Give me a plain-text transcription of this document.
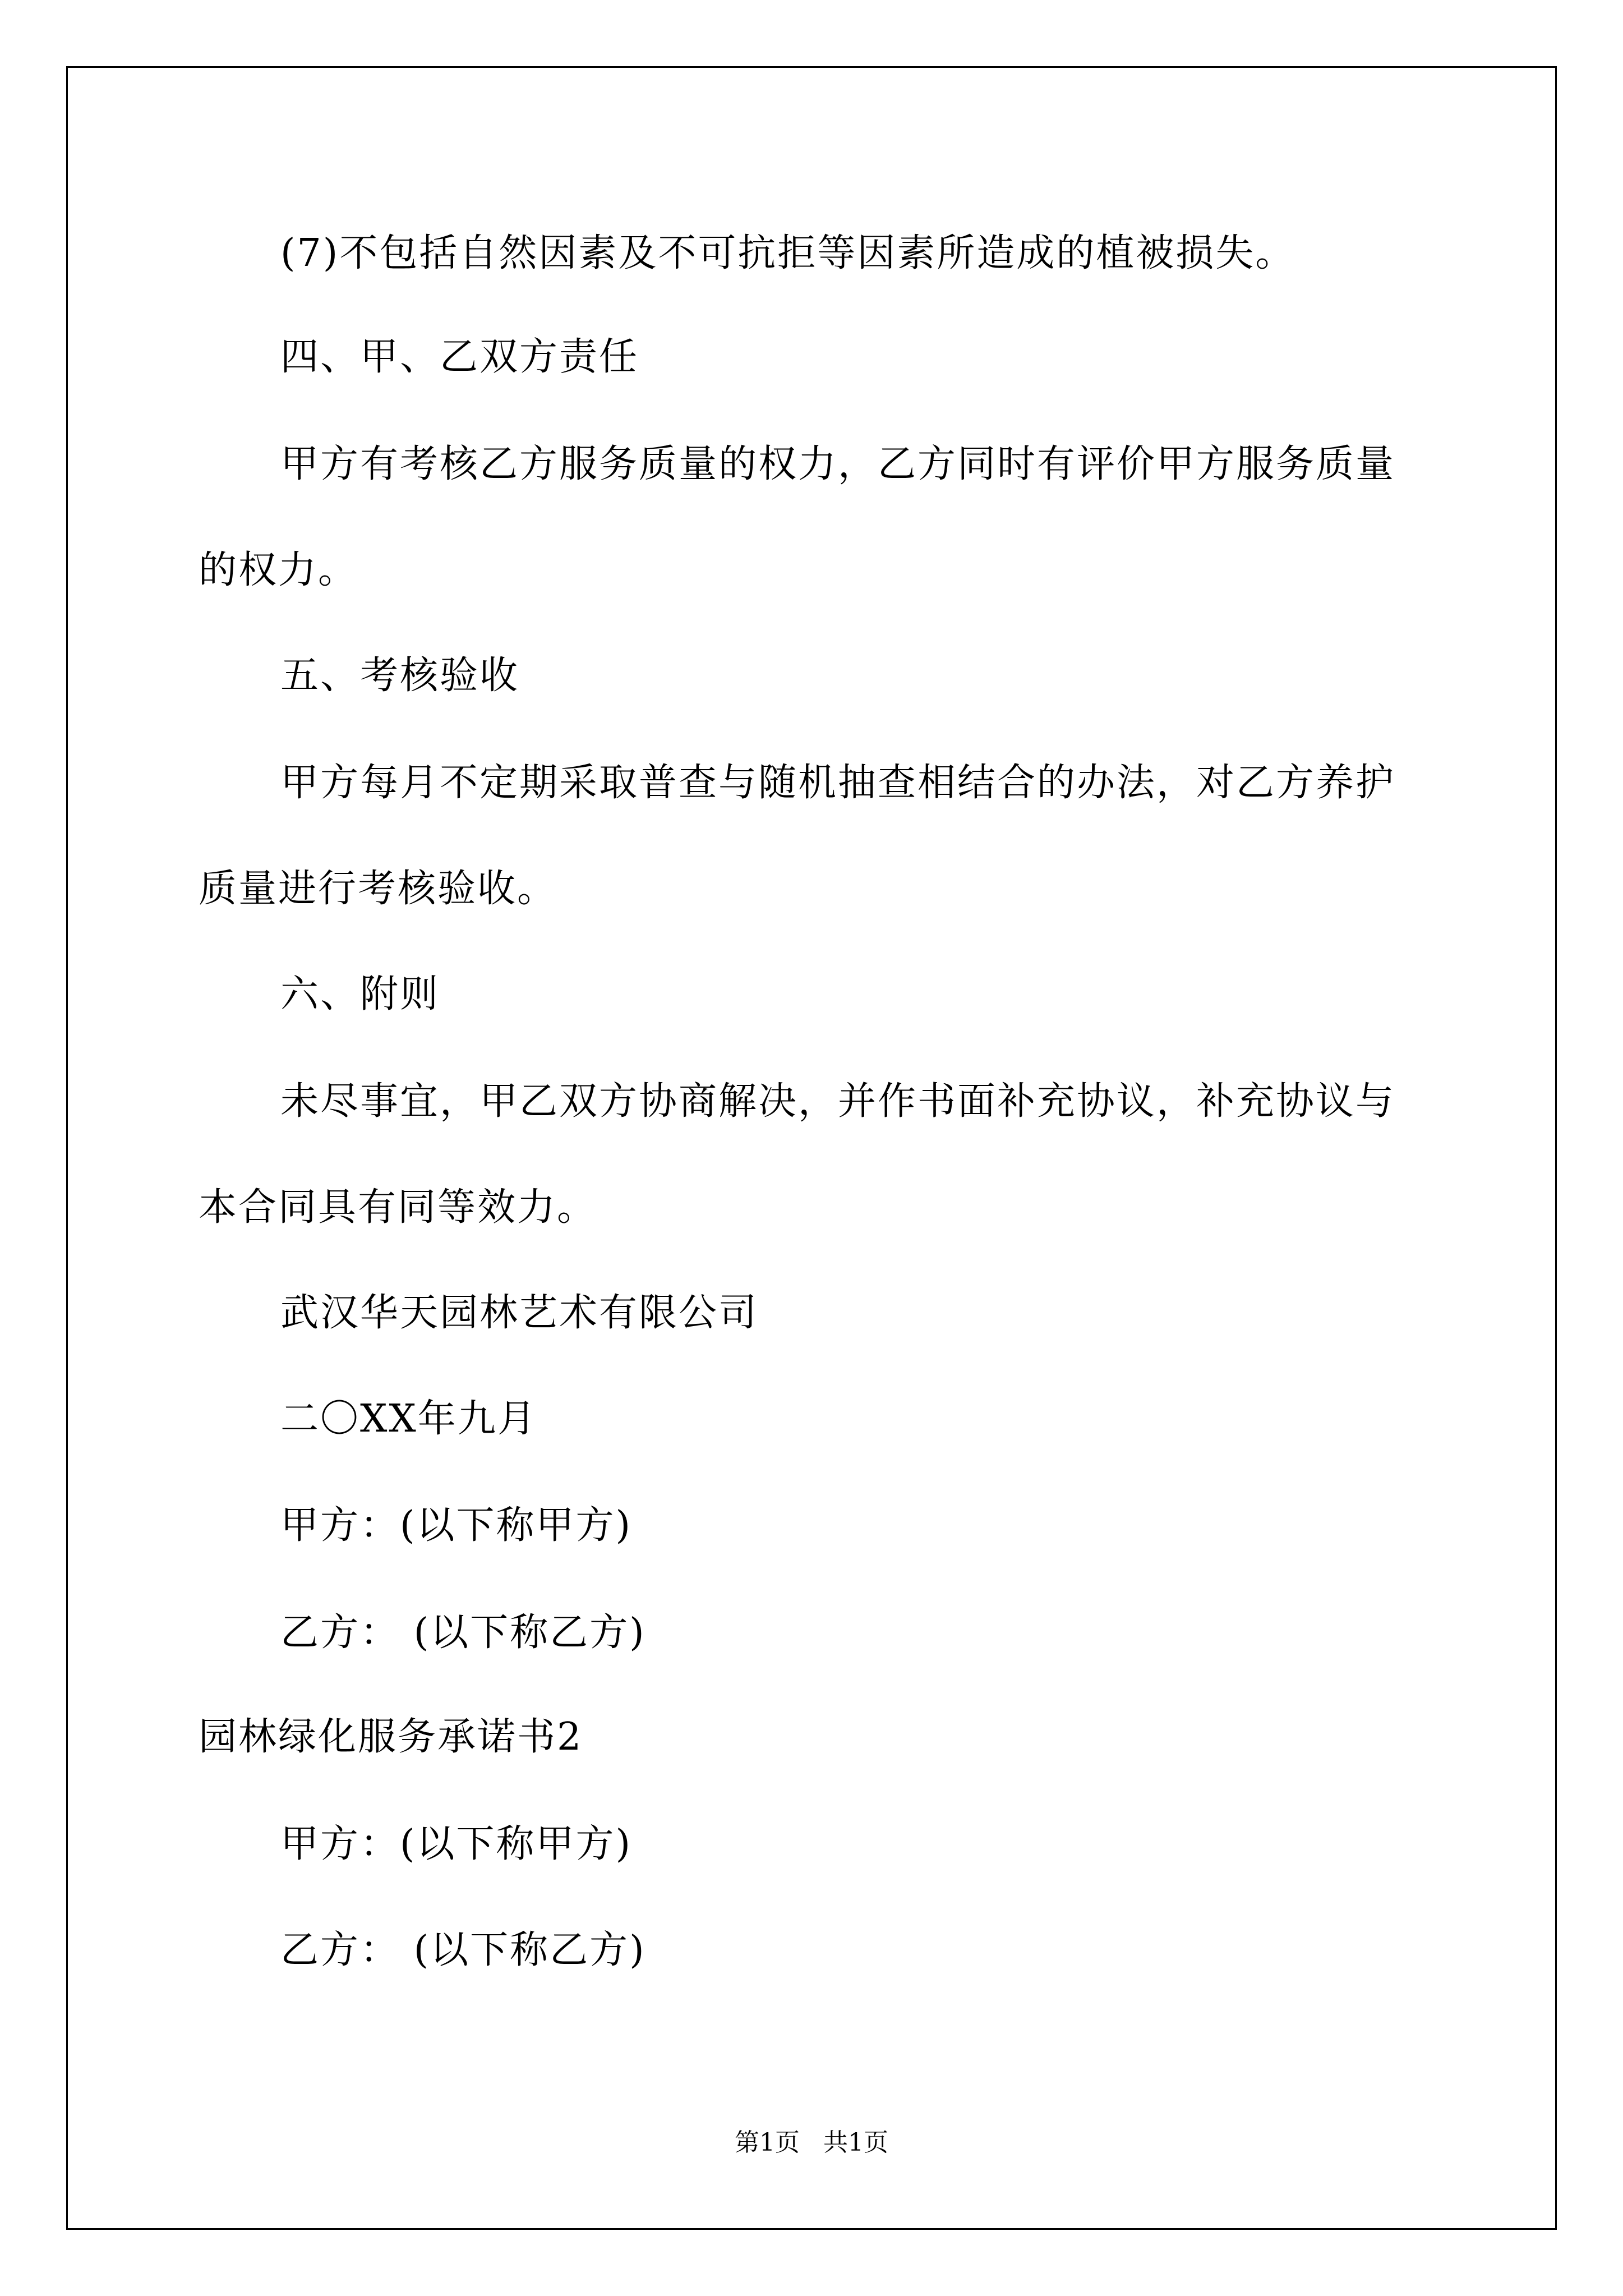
(7)不包括自然因素及不可抗拒等因素所造成的植被损失。

四、甲、乙双方责任

甲方有考核乙方服务质量的权力，乙方同时有评价甲方服务质量

的权力。

五、考核验收

甲方每月不定期采取普查与随机抽查相结合的办法，对乙方养护

质量进行考核验收。

六、附则

未尽事宜，甲乙双方协商解决，并作书面补充协议，补充协议与

本合同具有同等效力。

武汉华天园林艺术有限公司

二〇XX年九月

甲方：(以下称甲方)

乙方： (以下称乙方)

园林绿化服务承诺书2

甲方：(以下称甲方)

乙方： (以下称乙方)

第1页 共1页
